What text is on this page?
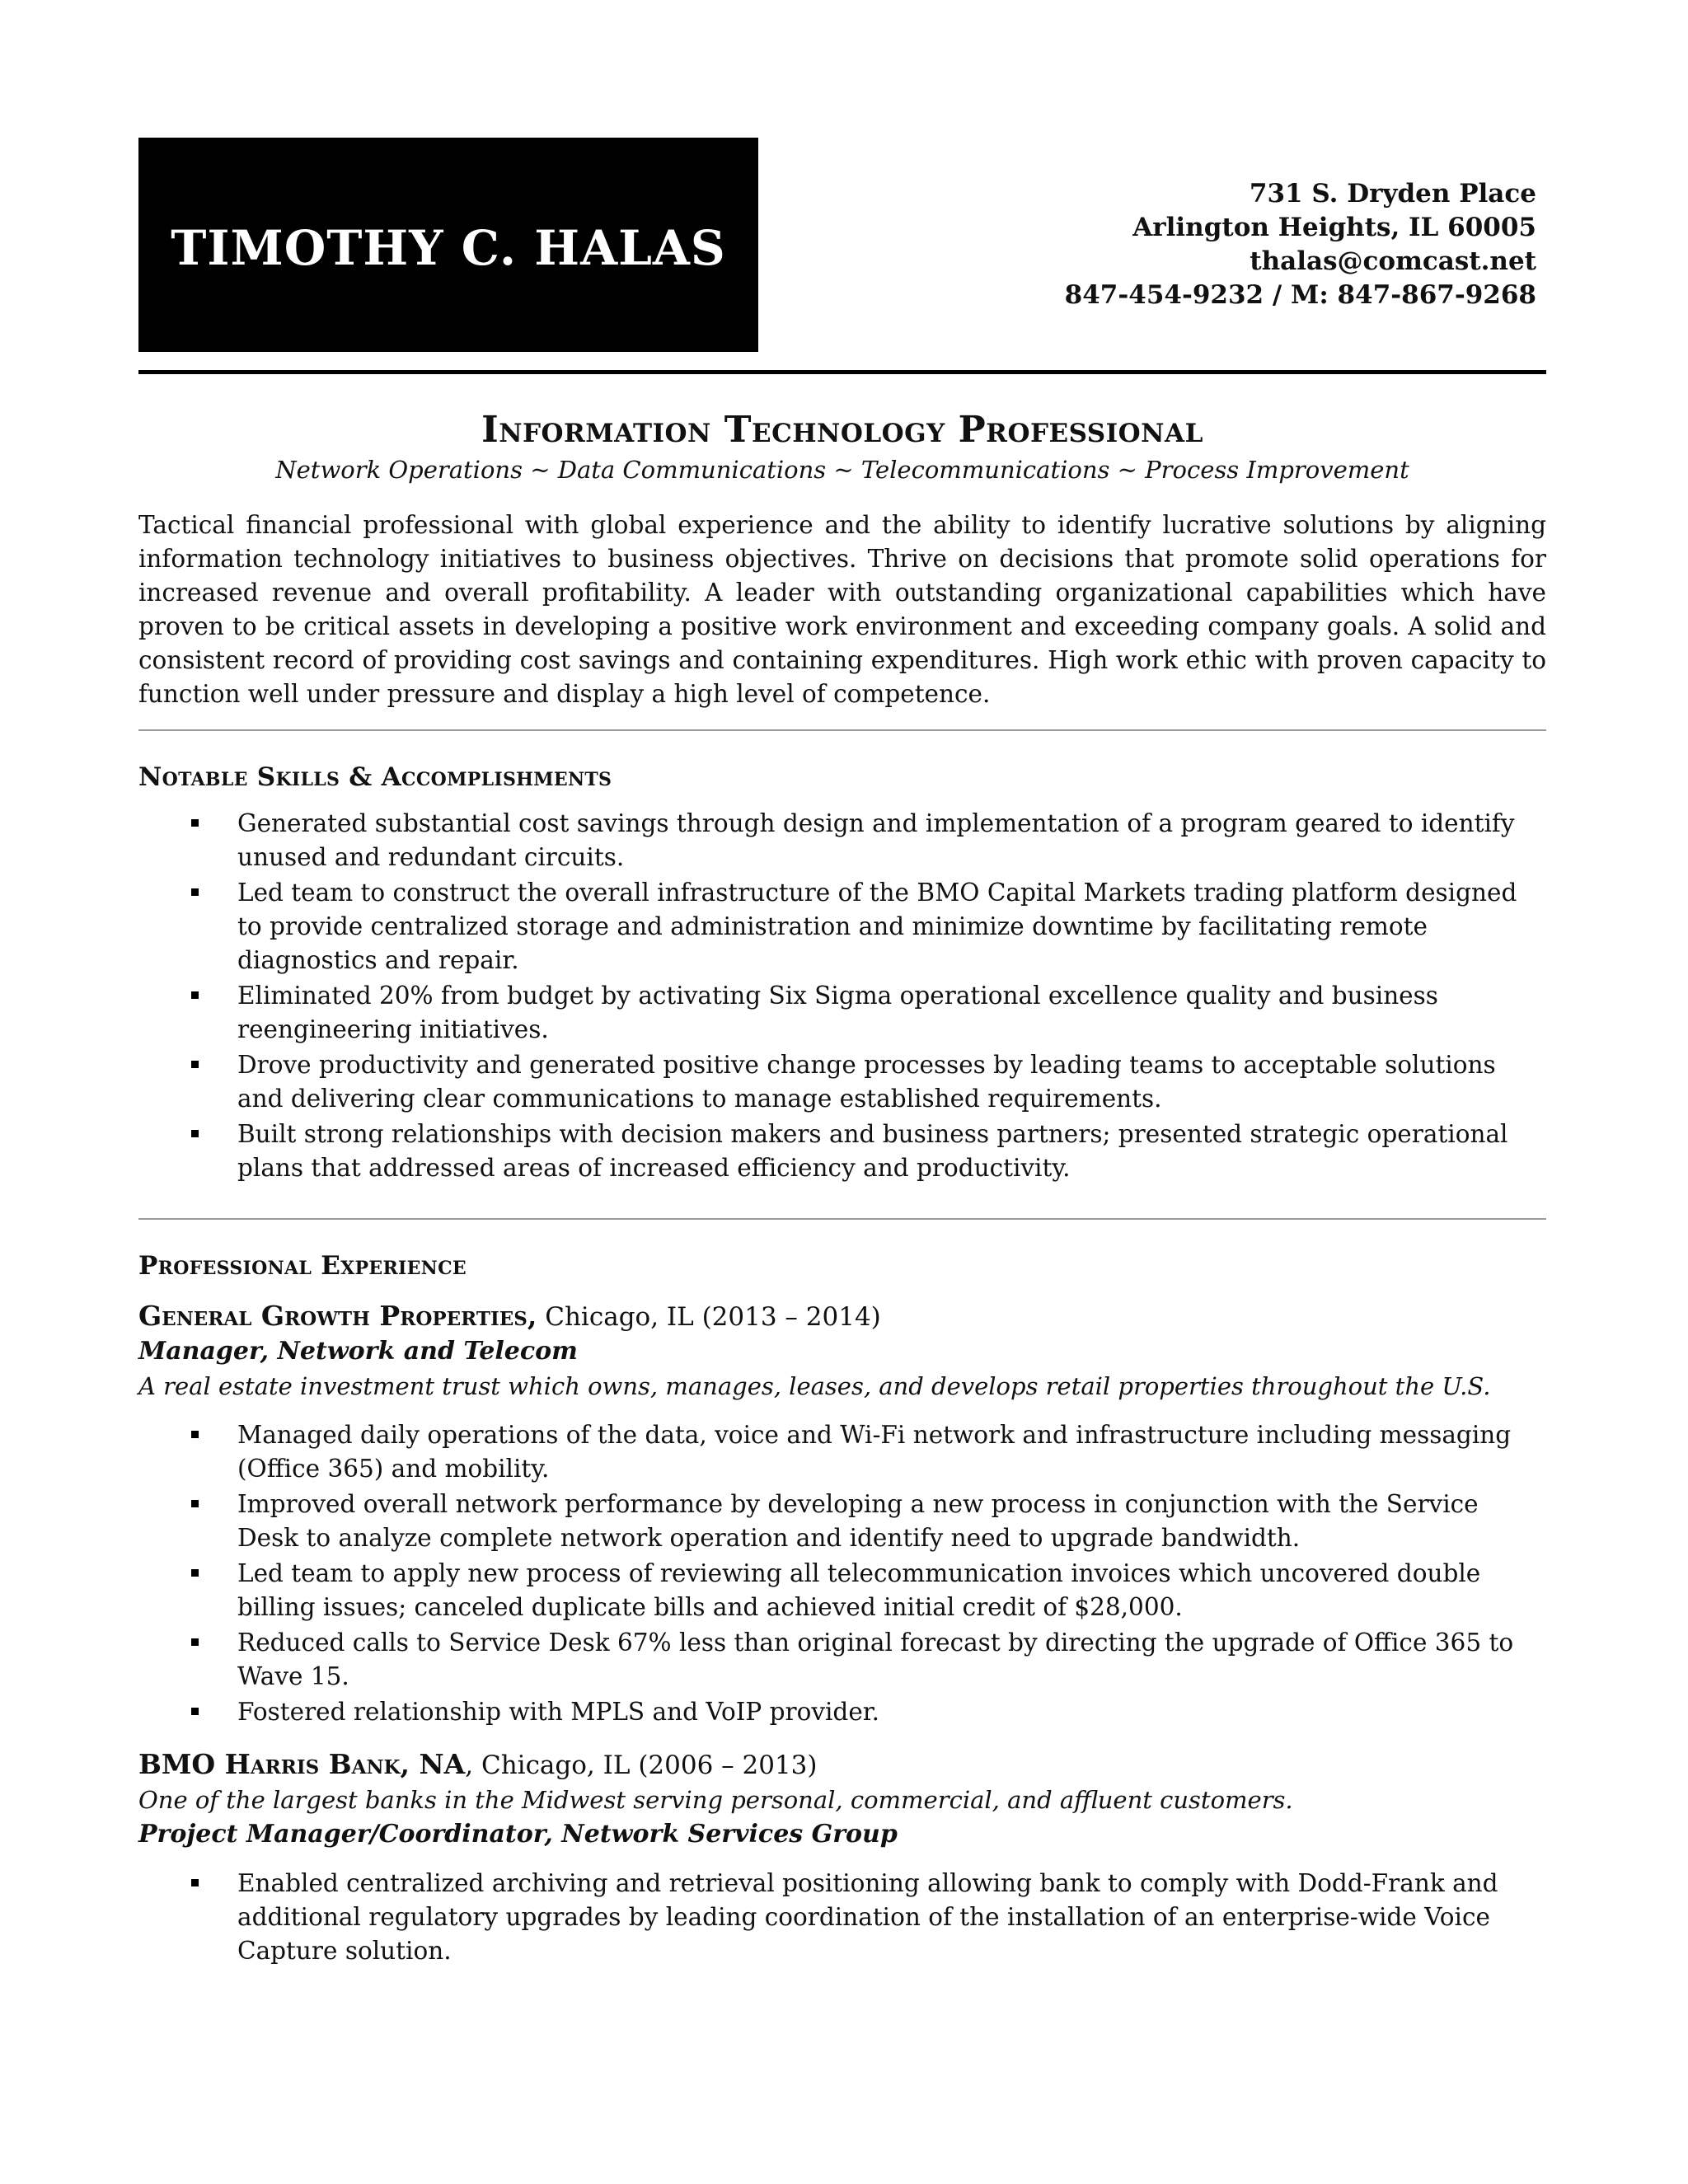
TIMOTHY C. HALAS
731 S. Dryden Place
Arlington Heights, IL 60005
thalas@comcast.net
847-454-9232 / M: 847-867-9268
Information Technology Professional
Network Operations ~ Data Communications ~ Telecommunications ~ Process Improvement
Tactical financial professional with global experience and the ability to identify lucrative solutions by aligning information technology initiatives to business objectives. Thrive on decisions that promote solid operations for increased revenue and overall profitability. A leader with outstanding organizational capabilities which have proven to be critical assets in developing a positive work environment and exceeding company goals. A solid and consistent record of providing cost savings and containing expenditures. High work ethic with proven capacity to function well under pressure and display a high level of competence.
Notable Skills & Accomplishments
Generated substantial cost savings through design and implementation of a program geared to identify unused and redundant circuits.
Led team to construct the overall infrastructure of the BMO Capital Markets trading platform designed to provide centralized storage and administration and minimize downtime by facilitating remote diagnostics and repair.
Eliminated 20% from budget by activating Six Sigma operational excellence quality and business reengineering initiatives.
Drove productivity and generated positive change processes by leading teams to acceptable solutions and delivering clear communications to manage established requirements.
Built strong relationships with decision makers and business partners; presented strategic operational plans that addressed areas of increased efficiency and productivity.
Professional Experience
General Growth Properties, Chicago, IL (2013 – 2014)
Manager, Network and Telecom
A real estate investment trust which owns, manages, leases, and develops retail properties throughout the U.S.
Managed daily operations of the data, voice and Wi-Fi network and infrastructure including messaging (Office 365) and mobility.
Improved overall network performance by developing a new process in conjunction with the Service Desk to analyze complete network operation and identify need to upgrade bandwidth.
Led team to apply new process of reviewing all telecommunication invoices which uncovered double billing issues; canceled duplicate bills and achieved initial credit of $28,000.
Reduced calls to Service Desk 67% less than original forecast by directing the upgrade of Office 365 to Wave 15.
Fostered relationship with MPLS and VoIP provider.
BMO Harris Bank, NA, Chicago, IL (2006 – 2013)
One of the largest banks in the Midwest serving personal, commercial, and affluent customers.
Project Manager/Coordinator, Network Services Group
Enabled centralized archiving and retrieval positioning allowing bank to comply with Dodd-Frank and additional regulatory upgrades by leading coordination of the installation of an enterprise-wide Voice Capture solution.
